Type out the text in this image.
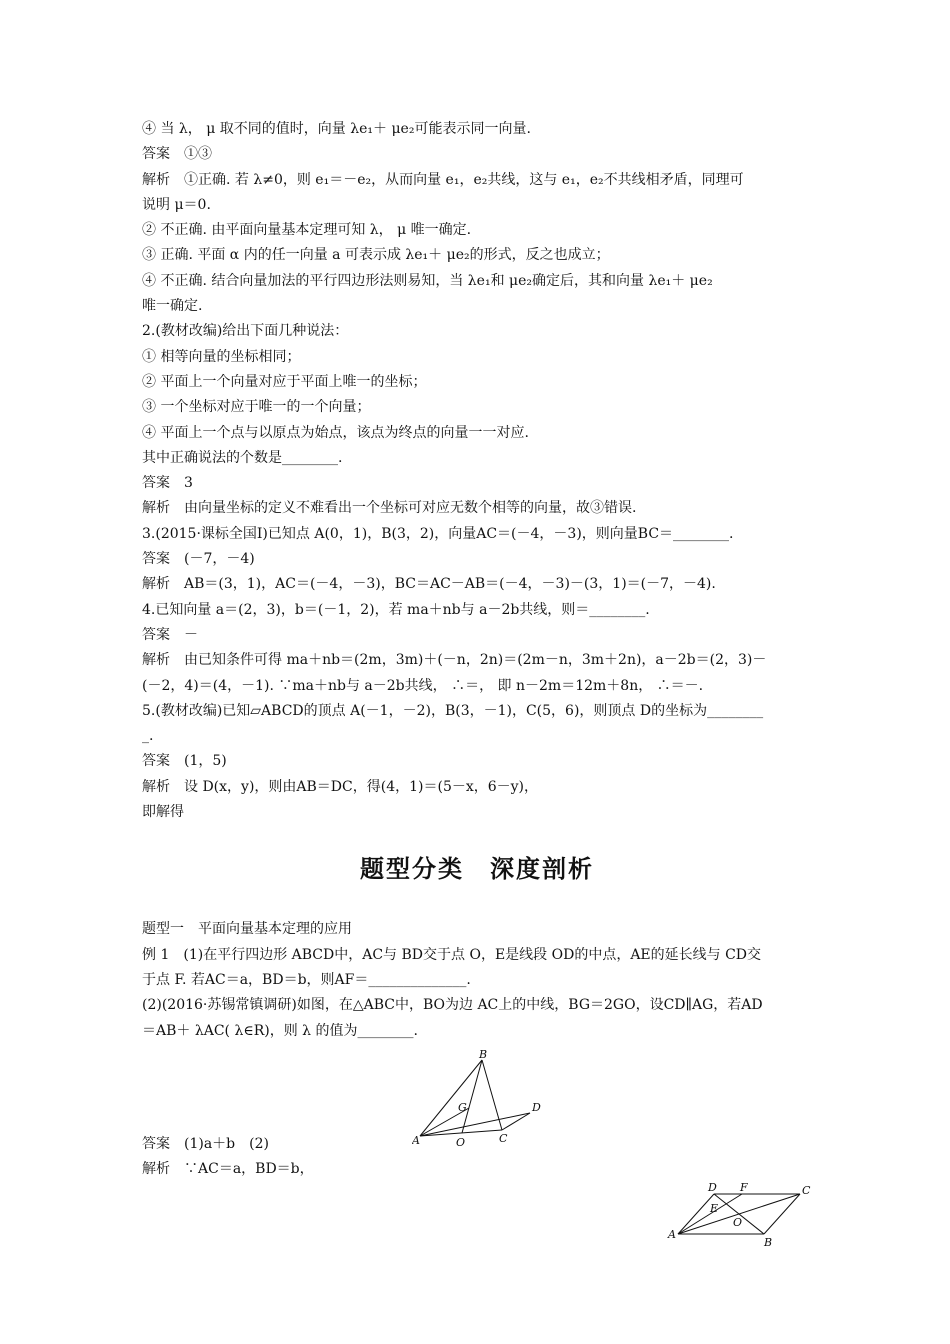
④ 当 λ， μ 取不同的值时，向量 λe₁＋ μe₂可能表示同一向量.
答案　①③
解析　①正确. 若 λ≠0，则 e₁＝－e₂，从而向量 e₁，e₂共线，这与 e₁，e₂不共线相矛盾，同理可
说明 μ＝0.
② 不正确. 由平面向量基本定理可知 λ， μ 唯一确定.
③ 正确. 平面 α 内的任一向量 a 可表示成 λe₁＋ μe₂的形式，反之也成立；
④ 不正确. 结合向量加法的平行四边形法则易知，当 λe₁和 μe₂确定后，其和向量 λe₁＋ μe₂
唯一确定.
2.(教材改编)给出下面几种说法：
① 相等向量的坐标相同；
② 平面上一个向量对应于平面上唯一的坐标；
③ 一个坐标对应于唯一的一个向量；
④ 平面上一个点与以原点为始点，该点为终点的向量一一对应.
其中正确说法的个数是________.
答案　3
解析　由向量坐标的定义不难看出一个坐标可对应无数个相等的向量，故③错误.
3.(2015·课标全国Ⅰ)已知点 A(0，1)，B(3，2)，向量AC＝(－4，－3)，则向量BC＝________.
答案　(－7，－4)
解析　AB＝(3，1)，AC＝(－4，－3)，BC＝AC－AB＝(－4，－3)－(3，1)＝(－7，－4).
4.已知向量 a＝(2，3)，b＝(－1，2)，若 ma＋nb与 a－2b共线，则＝________.
答案　－
解析　由已知条件可得 ma＋nb＝(2m，3m)＋(－n，2n)＝(2m－n，3m＋2n)，a－2b＝(2，3)－
(－2，4)＝(4，－1). ∵ma＋nb与 a－2b共线， ∴＝， 即 n－2m＝12m＋8n， ∴＝－.
5.(教材改编)已知▱ABCD的顶点 A(－1，－2)，B(3，－1)，C(5，6)，则顶点 D的坐标为________
_.
答案　(1，5)
解析　设 D(x，y)，则由AB＝DC，得(4，1)＝(5－x，6－y)，
即解得
题型分类　深度剖析
题型一　平面向量基本定理的应用
例 1　(1)在平行四边形 ABCD中，AC与 BD交于点 O，E是线段 OD的中点，AE的延长线与 CD交
于点 F. 若AC＝a，BD＝b，则AF＝______________.
(2)(2016·苏锡常镇调研)如图，在△ABC中，BO为边 AC上的中线，BG＝2GO，设CD∥AG，若AD
＝AB＋ λAC( λ∈R)，则 λ 的值为________.
答案　(1)a＋b　(2)
解析　∵AC＝a，BD＝b，
B
G	D
A	O	C
D F	C
E
O
A
B
